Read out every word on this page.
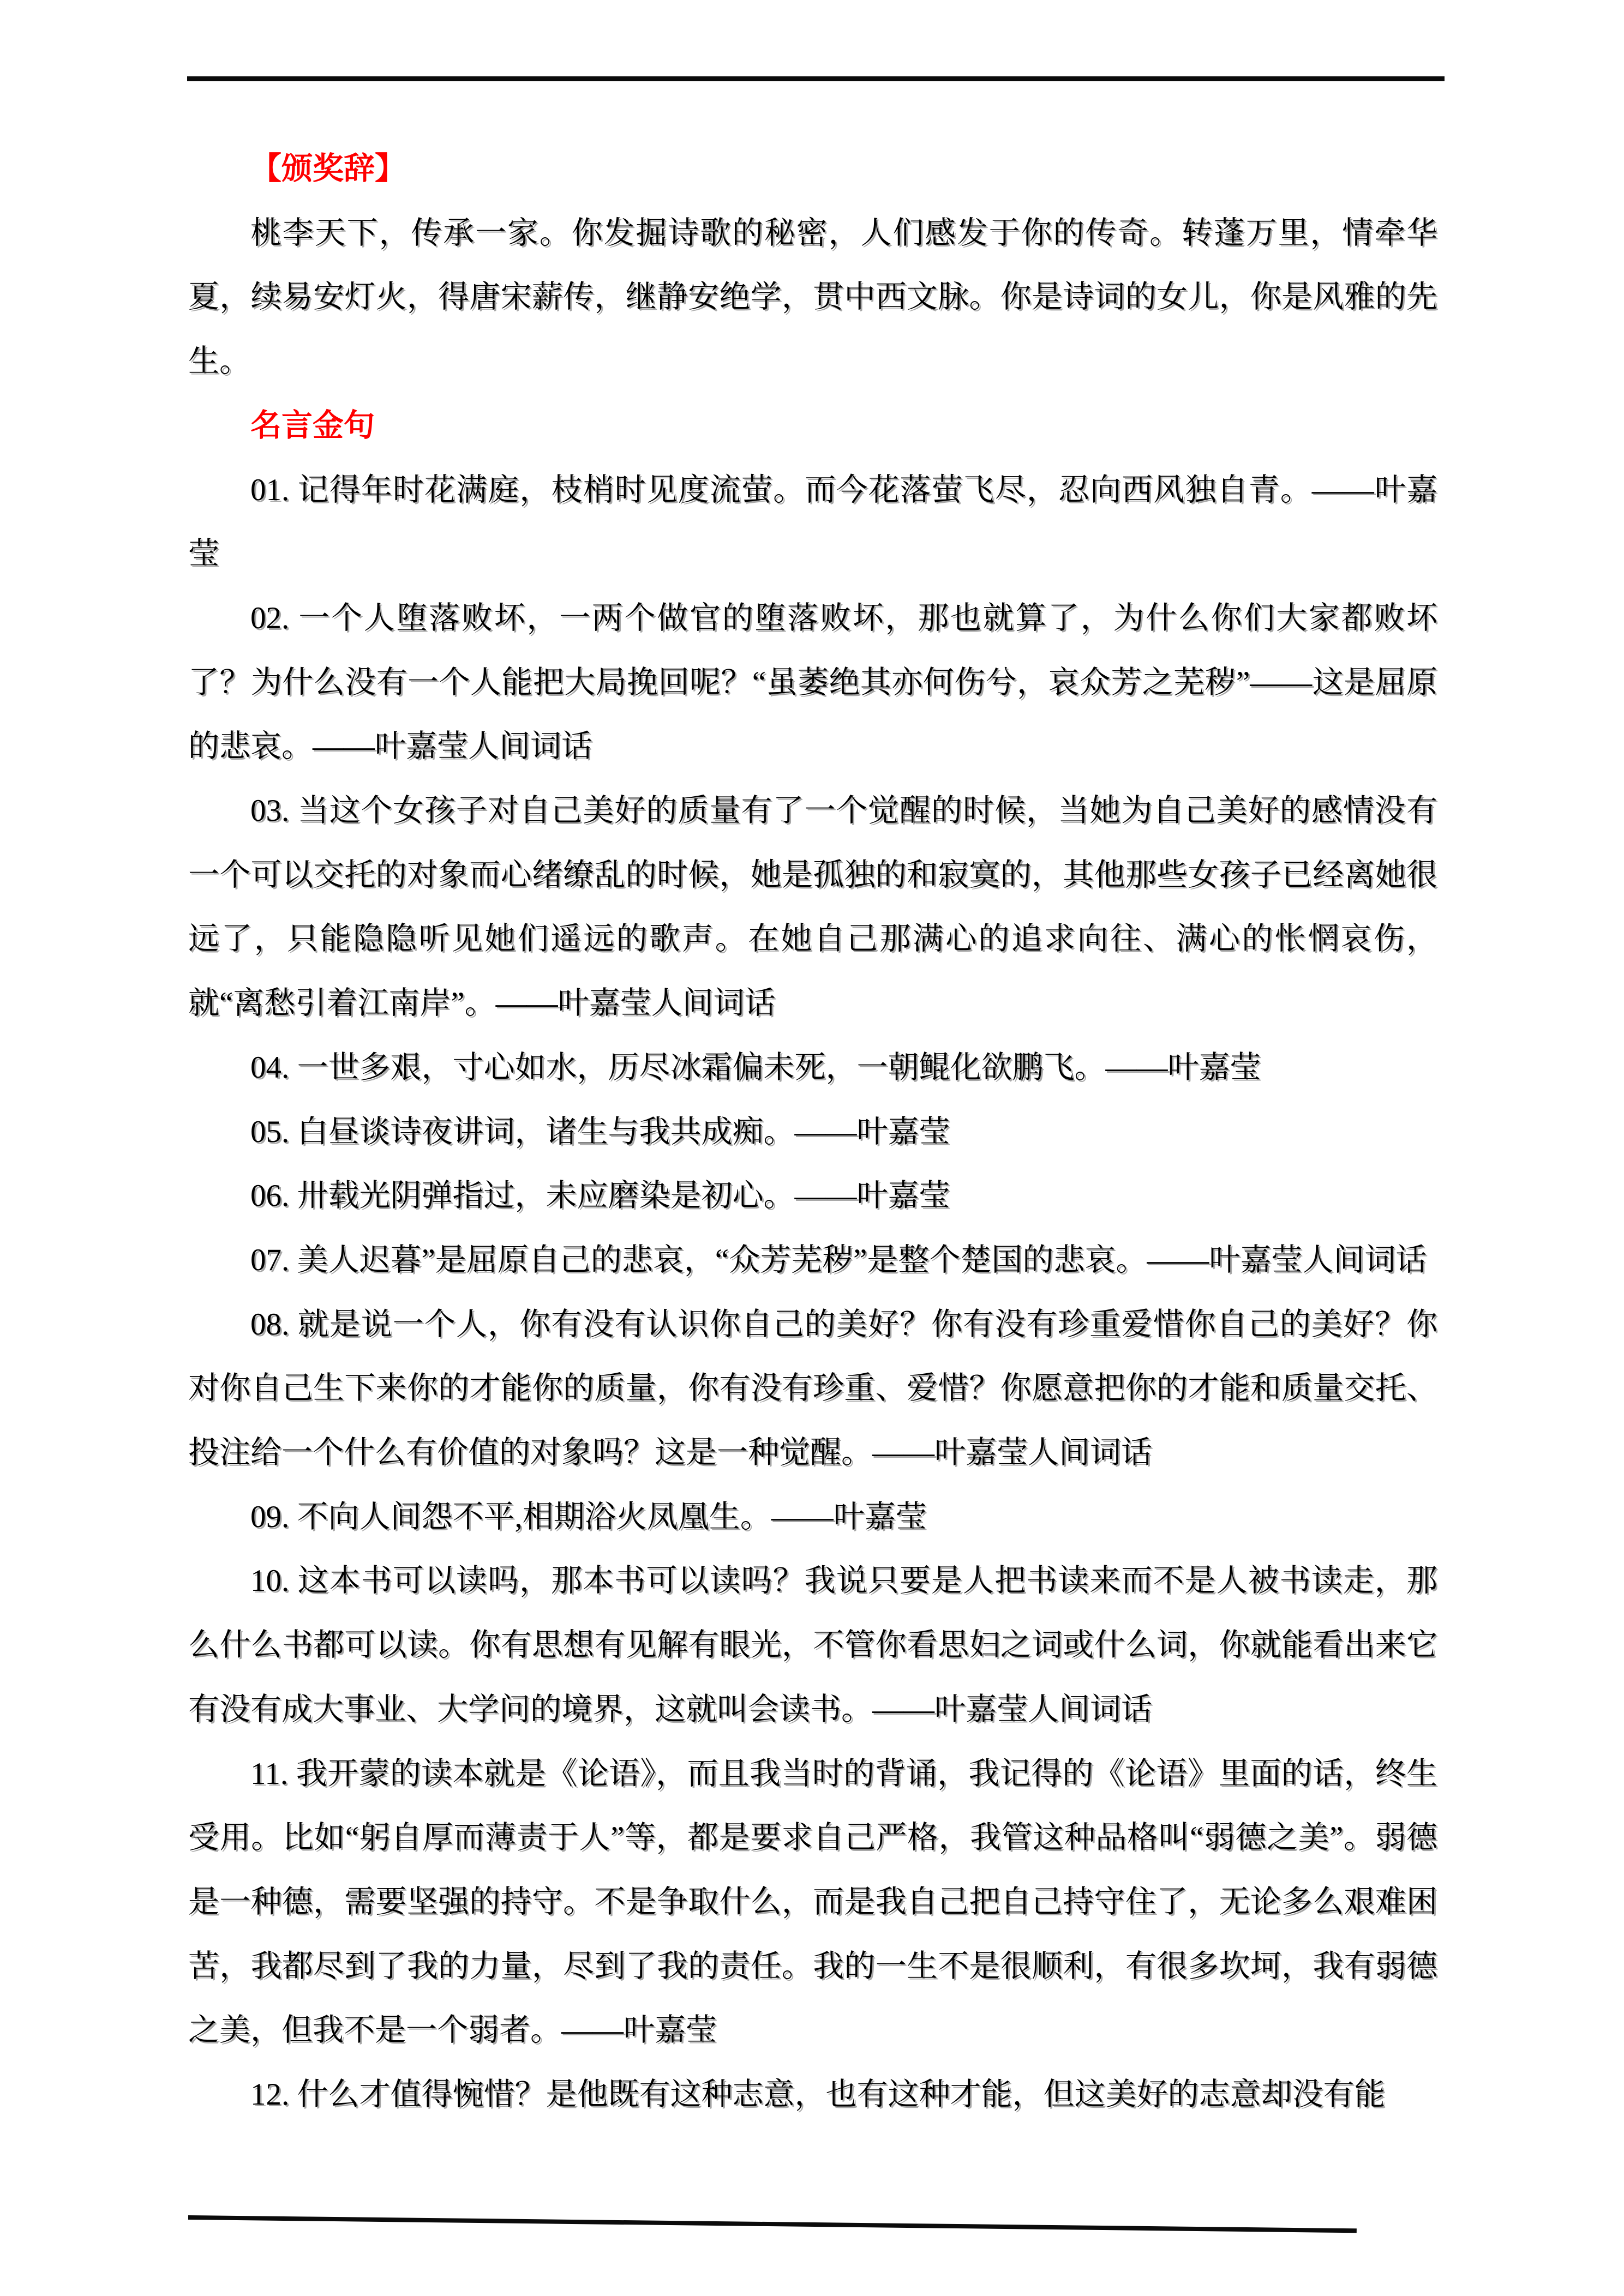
【颁奖辞】

桃李天下，传承一家。你发掘诗歌的秘密，人们感发于你的传奇。转蓬万里，情牵华夏，续易安灯火，得唐宋薪传，继静安绝学，贯中西文脉。你是诗词的女儿，你是风雅的先生。

名言金句

01. 记得年时花满庭，枝梢时见度流萤。而今花落萤飞尽，忍向西风独自青。——叶嘉莹

02. 一个人堕落败坏，一两个做官的堕落败坏，那也就算了，为什么你们大家都败坏了？为什么没有一个人能把大局挽回呢？“虽萎绝其亦何伤兮，哀众芳之芜秽”——这是屈原的悲哀。——叶嘉莹人间词话

03. 当这个女孩子对自己美好的质量有了一个觉醒的时候，当她为自己美好的感情没有一个可以交托的对象而心绪缭乱的时候，她是孤独的和寂寞的，其他那些女孩子已经离她很远了，只能隐隐听见她们遥远的歌声。在她自己那满心的追求向往、满心的怅惘哀伤，就“离愁引着江南岸”。——叶嘉莹人间词话

04. 一世多艰，寸心如水，历尽冰霜偏未死，一朝鲲化欲鹏飞。——叶嘉莹

05. 白昼谈诗夜讲词，诸生与我共成痴。——叶嘉莹

06. 卅载光阴弹指过，未应磨染是初心。——叶嘉莹

07. 美人迟暮”是屈原自己的悲哀，“众芳芜秽”是整个楚国的悲哀。——叶嘉莹人间词话

08. 就是说一个人，你有没有认识你自己的美好？你有没有珍重爱惜你自己的美好？你对你自己生下来你的才能你的质量，你有没有珍重、爱惜？你愿意把你的才能和质量交托、投注给一个什么有价值的对象吗？这是一种觉醒。——叶嘉莹人间词话

09. 不向人间怨不平,相期浴火凤凰生。——叶嘉莹

10. 这本书可以读吗，那本书可以读吗？我说只要是人把书读来而不是人被书读走，那么什么书都可以读。你有思想有见解有眼光，不管你看思妇之词或什么词，你就能看出来它有没有成大事业、大学问的境界，这就叫会读书。——叶嘉莹人间词话

11. 我开蒙的读本就是《论语》，而且我当时的背诵，我记得的《论语》里面的话，终生受用。比如“躬自厚而薄责于人”等，都是要求自己严格，我管这种品格叫“弱德之美”。弱德是一种德，需要坚强的持守。不是争取什么，而是我自己把自己持守住了，无论多么艰难困苦，我都尽到了我的力量，尽到了我的责任。我的一生不是很顺利，有很多坎坷，我有弱德之美，但我不是一个弱者。——叶嘉莹

12. 什么才值得惋惜？是他既有这种志意，也有这种才能，但这美好的志意却没有能
